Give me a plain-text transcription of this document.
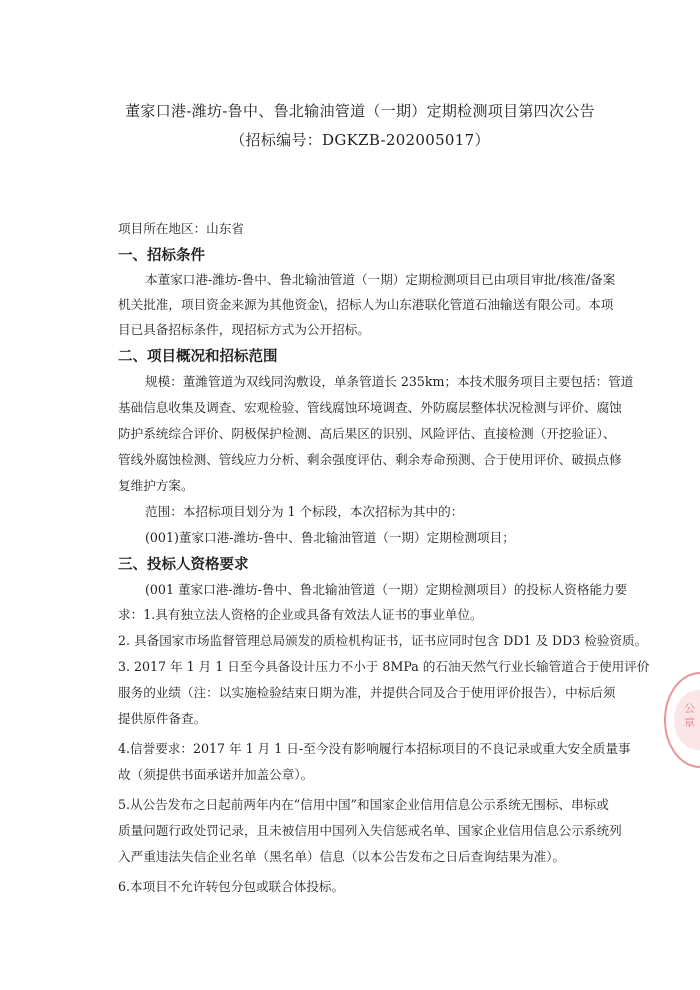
董家口港-潍坊-鲁中、鲁北输油管道（一期）定期检测项目第四次公告
（招标编号：DGKZB-202005017）
项目所在地区：山东省
一、招标条件
本董家口港-潍坊-鲁中、鲁北输油管道（一期）定期检测项目已由项目审批/核准/备案
机关批准，项目资金来源为其他资金\，招标人为山东港联化管道石油输送有限公司。本项
目已具备招标条件，现招标方式为公开招标。
二、项目概况和招标范围
规模：董潍管道为双线同沟敷设，单条管道长 235km；本技术服务项目主要包括：管道
基础信息收集及调查、宏观检验、管线腐蚀环境调查、外防腐层整体状况检测与评价、腐蚀
防护系统综合评价、阴极保护检测、高后果区的识别、风险评估、直接检测（开挖验证）、
管线外腐蚀检测、管线应力分析、剩余强度评估、剩余寿命预测、合于使用评价、破损点修
复维护方案。
范围：本招标项目划分为 1 个标段，本次招标为其中的：
(001)董家口港-潍坊-鲁中、鲁北输油管道（一期）定期检测项目；
三、投标人资格要求
(001 董家口港-潍坊-鲁中、鲁北输油管道（一期）定期检测项目）的投标人资格能力要
求：1.具有独立法人资格的企业或具备有效法人证书的事业单位。
2. 具备国家市场监督管理总局颁发的质检机构证书，证书应同时包含 DD1 及 DD3 检验资质。
3. 2017 年 1 月 1 日至今具备设计压力不小于 8MPa 的石油天然气行业长输管道合于使用评价
服务的业绩（注：以实施检验结束日期为准，并提供合同及合于使用评价报告），中标后须
提供原件备查。
4.信誉要求：2017 年 1 月 1 日-至今没有影响履行本招标项目的不良记录或重大安全质量事
故（须提供书面承诺并加盖公章）。
5.从公告发布之日起前两年内在“信用中国”和国家企业信用信息公示系统无围标、串标或
质量问题行政处罚记录，且未被信用中国列入失信惩戒名单、国家企业信用信息公示系统列
入严重违法失信企业名单（黑名单）信息（以本公告发布之日后查询结果为准）。
6.本项目不允许转包分包或联合体投标。
公章
